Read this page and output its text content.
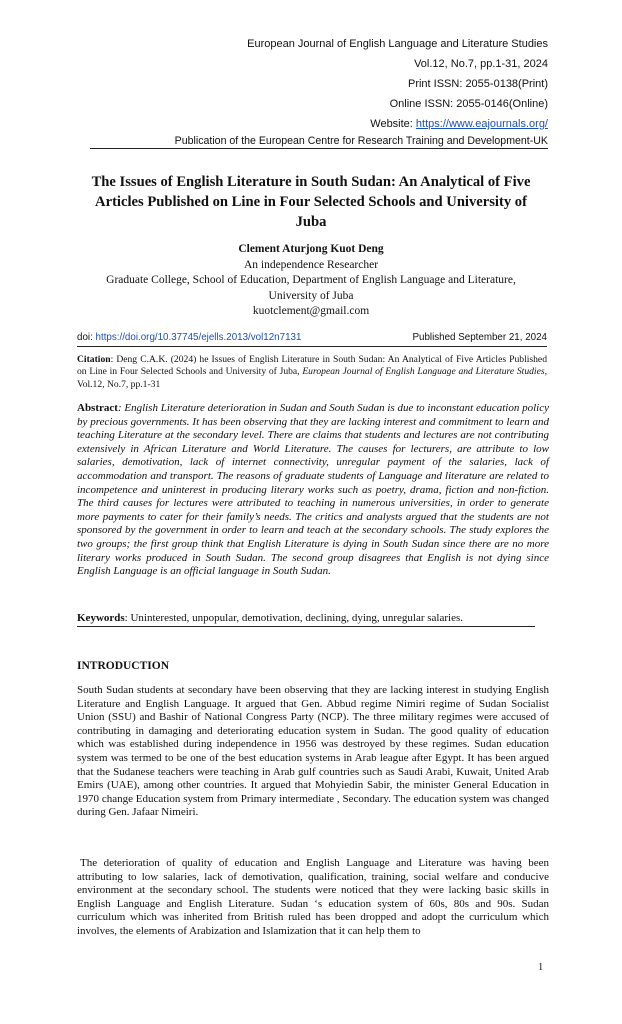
European Journal of English Language and Literature Studies
Vol.12, No.7, pp.1-31, 2024
Print ISSN: 2055-0138(Print)
Online ISSN: 2055-0146(Online)
Website: https://www.eajournals.org/
Publication of the European Centre for Research Training and Development-UK
The Issues of English Literature in South Sudan: An Analytical of Five Articles Published on Line in Four Selected Schools and University of Juba
Clement Aturjong Kuot Deng
An independence Researcher
Graduate College, School of Education, Department of English Language and Literature,
University of Juba
kuotclement@gmail.com
doi: https://doi.org/10.37745/ejells.2013/vol12n7131	Published September 21, 2024
Citation: Deng C.A.K. (2024) he Issues of English Literature in South Sudan: An Analytical of Five Articles Published on Line in Four Selected Schools and University of Juba, European Journal of English Language and Literature Studies, Vol.12, No.7, pp.1-31
Abstract: English Literature deterioration in Sudan and South Sudan is due to inconstant education policy by precious governments. It has been observing that they are lacking interest and commitment to learn and teaching Literature at the secondary level. There are claims that students and lectures are not contributing extensively in African Literature and World Literature. The causes for lecturers, are attribute to low salaries, demotivation, lack of internet connectivity, unregular payment of the salaries, lack of accommodation and transport. The reasons of graduate students of Language and literature are related to incompetence and uninterest in producing literary works such as poetry, drama, fiction and non-fiction. The third causes for lectures were attributed to teaching in numerous universities, in order to generate more payments to cater for their family’s needs. The critics and analysts argued that the students are not sponsored by the government in order to learn and teach at the secondary schools. The study explores the two groups; the first group think that English Literature is dying in South Sudan since there are no more literary works produced in South Sudan. The second group disagrees that English is not dying since English Language is an official language in South Sudan.
Keywords: Uninterested, unpopular, demotivation, declining, dying, unregular salaries.
INTRODUCTION
South Sudan students at secondary have been observing that they are lacking interest in studying English Literature and English Language. It argued that Gen. Abbud regime Nimiri regime of Sudan Socialist Union (SSU) and Bashir of National Congress Party (NCP). The three military regimes were accused of contributing in damaging and deteriorating education system in Sudan. The good quality of education which was established during independence in 1956 was destroyed by these regimes. Sudan education system was termed to be one of the best education systems in Arab league after Egypt. It has been argued that the Sudanese teachers were teaching in Arab gulf countries such as Saudi Arabi, Kuwait, United Arab Emirs (UAE), among other countries. It argued that Mohyiedin Sabir, the minister General Education in 1970 change Education system from Primary intermediate , Secondary. The education system was changed during Gen. Jafaar Nimeiri.
The deterioration of quality of education and English Language and Literature was having been attributing to low salaries, lack of demotivation, qualification, training, social welfare and conducive environment at the secondary school. The students were noticed that they were lacking basic skills in English Language and English Literature. Sudan ‘s education system of 60s, 80s and 90s. Sudan curriculum which was inherited from British ruled has been dropped and adopt the curriculum which involves, the elements of Arabization and Islamization that it can help them to
1
